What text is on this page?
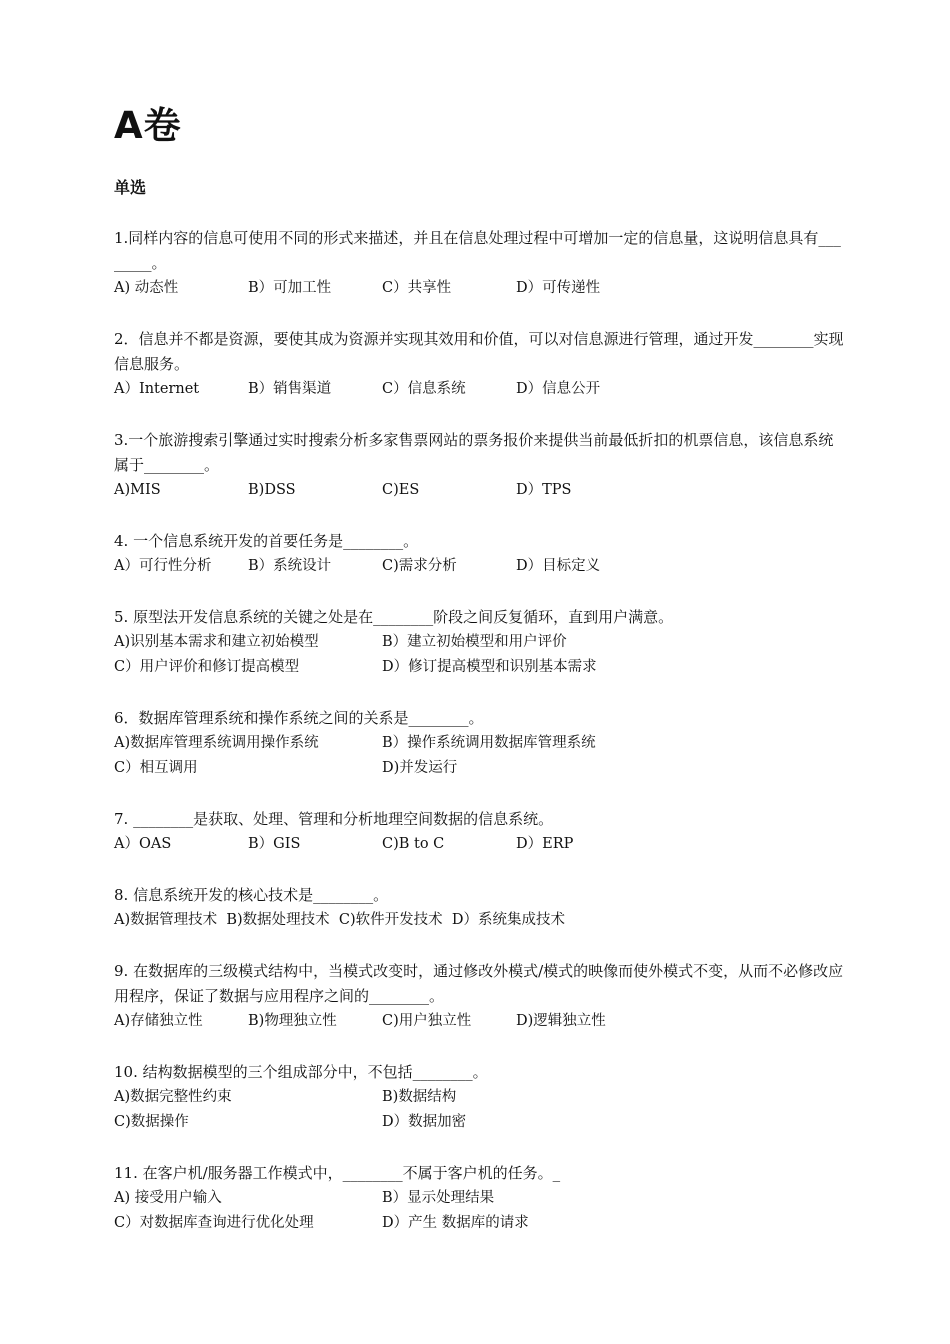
A卷
单选
1.同样内容的信息可使用不同的形式来描述，并且在信息处理过程中可增加一定的信息量，这说明信息具有________。
A) 动态性	B）可加工性	C）共享性	D）可传递性
2．信息并不都是资源，要使其成为资源并实现其效用和价值，可以对信息源进行管理，通过开发________实现信息服务。
A）Internet	B）销售渠道	C）信息系统	D）信息公开
3.一个旅游搜索引擎通过实时搜索分析多家售票网站的票务报价来提供当前最低折扣的机票信息，该信息系统属于________。
A)MIS	B)DSS	C)ES	D）TPS
4. 一个信息系统开发的首要任务是________。
A）可行性分析	B）系统设计	C)需求分析	D）目标定义
5. 原型法开发信息系统的关键之处是在________阶段之间反复循环，直到用户满意。
A)识别基本需求和建立初始模型	B）建立初始模型和用户评价
C）用户评价和修订提高模型	D）修订提高模型和识别基本需求
6．数据库管理系统和操作系统之间的关系是________。
A)数据库管理系统调用操作系统	B）操作系统调用数据库管理系统
C）相互调用	D)并发运行
7. ________是获取、处理、管理和分析地理空间数据的信息系统。
A）OAS	B）GIS	C)B to C	D）ERP
8. 信息系统开发的核心技术是________。
A)数据管理技术  B)数据处理技术  C)软件开发技术  D）系统集成技术
9. 在数据库的三级模式结构中，当模式改变时，通过修改外模式/模式的映像而使外模式不变，从而不必修改应用程序，保证了数据与应用程序之间的________。
A)存储独立性	B)物理独立性	C)用户独立性	D)逻辑独立性
10. 结构数据模型的三个组成部分中，不包括________。
A)数据完整性约束	B)数据结构
C)数据操作	D）数据加密
11. 在客户机/服务器工作模式中，________不属于客户机的任务。_
A) 接受用户输入	B）显示处理结果
C）对数据库查询进行优化处理	D）产生 数据库的请求
